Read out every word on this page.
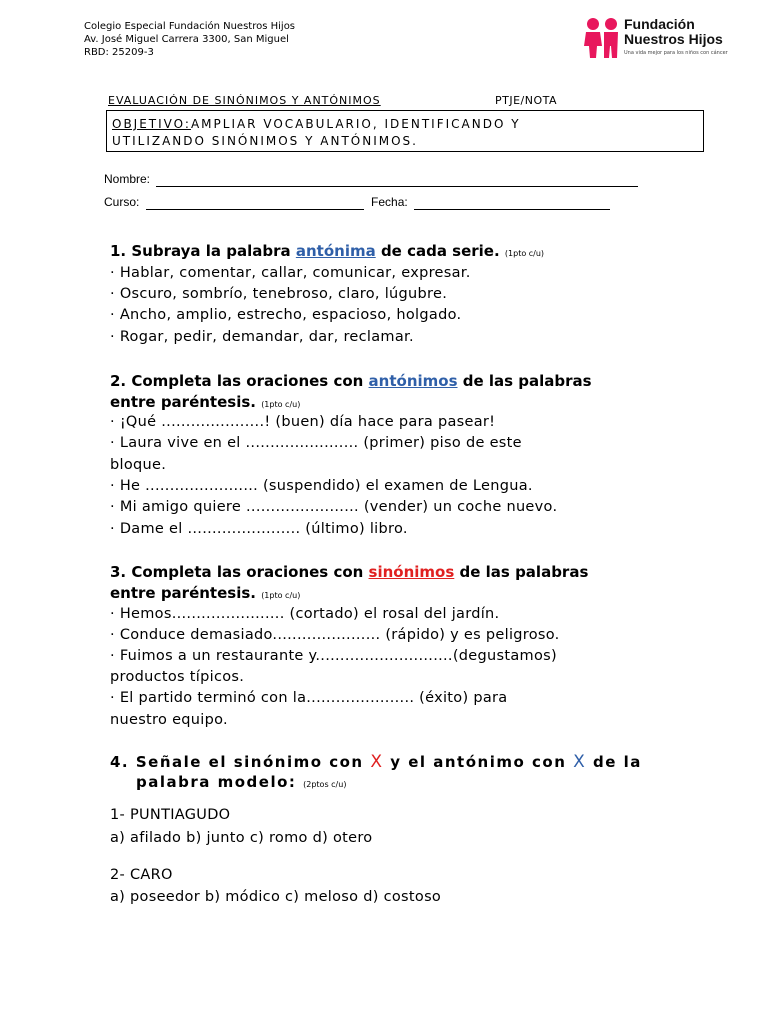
Colegio Especial Fundación Nuestros Hijos
Av. José Miguel Carrera 3300, San Miguel
RBD: 25209-3
Fundación
Nuestros Hijos
Una vida mejor para los niños con cáncer
EVALUACIÓN DE SINÓNIMOS Y ANTÓNIMOS	PTJE/NOTA
OBJETIVO:AMPLIAR VOCABULARIO, IDENTIFICANDO Y
UTILIZANDO SINÓNIMOS Y ANTÓNIMOS.
Nombre:
Curso:	Fecha:
1. Subraya la palabra antónima de cada serie. (1pto c/u)
· Hablar, comentar, callar, comunicar, expresar.
· Oscuro, sombrío, tenebroso, claro, lúgubre.
· Ancho, amplio, estrecho, espacioso, holgado.
· Rogar, pedir, demandar, dar, reclamar.
2. Completa las oraciones con antónimos de las palabras
entre paréntesis. (1pto c/u)
· ¡Qué .....................! (buen) día hace para pasear!
· Laura vive en el ....................... (primer) piso de este
bloque.
· He ....................... (suspendido) el examen de Lengua.
· Mi amigo quiere ....................... (vender) un coche nuevo.
· Dame el ....................... (último) libro.
3. Completa las oraciones con sinónimos de las palabras
entre paréntesis. (1pto c/u)
· Hemos....................... (cortado) el rosal del jardín.
· Conduce demasiado...................... (rápido) y es peligroso.
· Fuimos a un restaurante y............................(degustamos)
productos típicos.
· El partido terminó con la...................... (éxito) para
nuestro equipo.
4. Señale el sinónimo con X y el antónimo con X de la
palabra modelo: (2ptos c/u)
1- PUNTIAGUDO
a) afilado b) junto c) romo d) otero
2- CARO
a) poseedor b) módico c) meloso d) costoso
